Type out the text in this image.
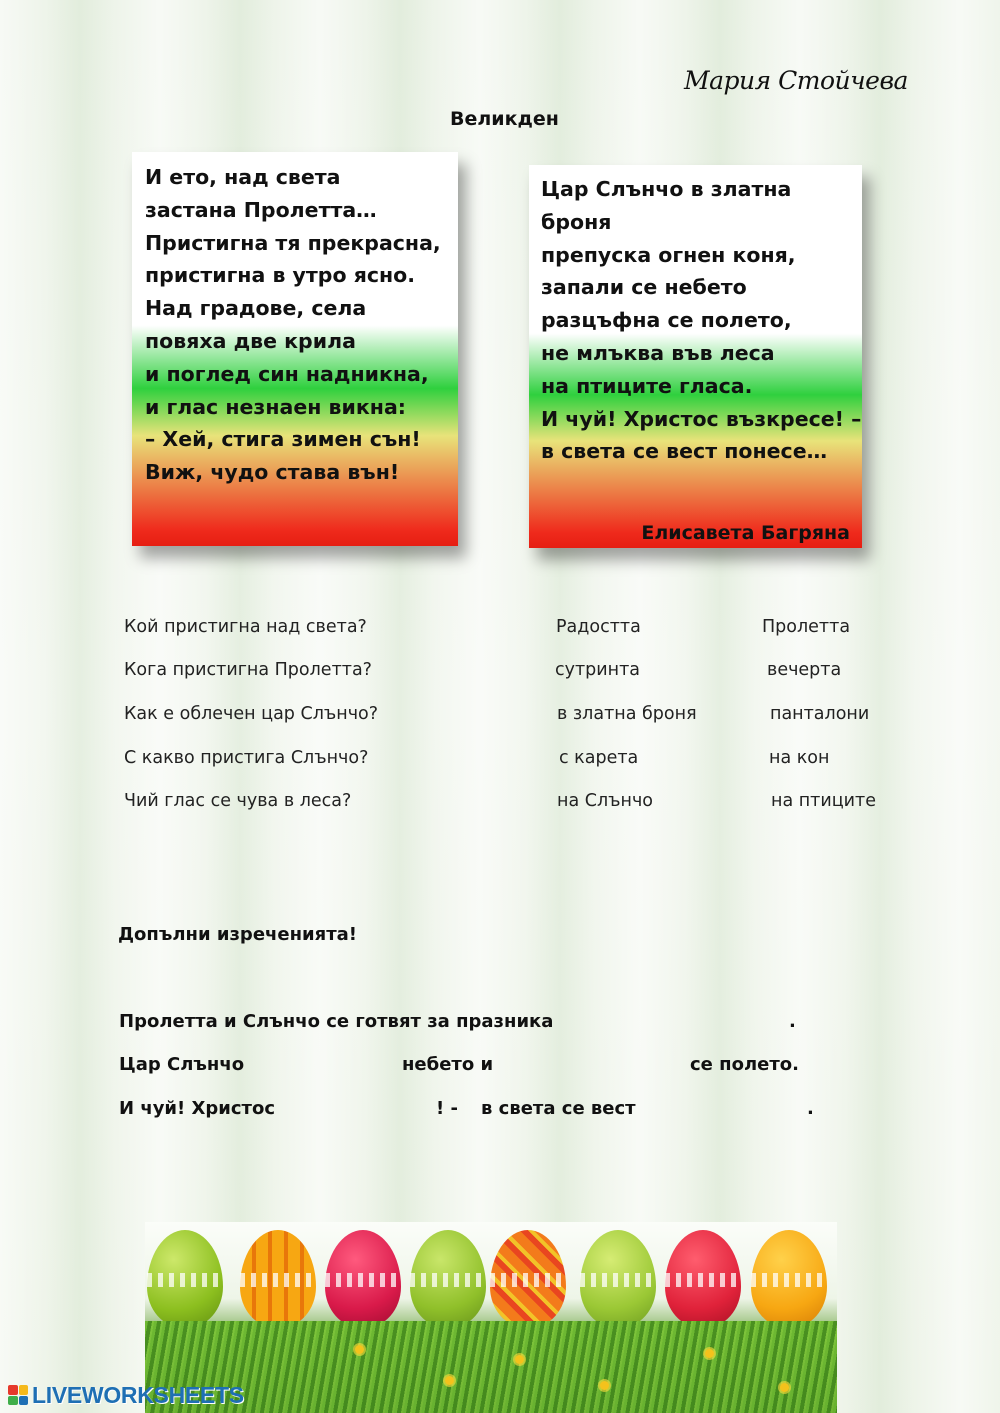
Мария Стойчева
Великден
И ето, над света
застана Пролетта…
Пристигна тя прекрасна,
пристигна в утро ясно.
Над градове, села
повяха две крила
и поглед син надникна,
и глас незнаен викна:
– Хей, стига зимен сън!
Виж, чудо става вън!
Цар Слънчо в златна
броня
препуска огнен коня,
запали се небето
разцъфна се полето,
не млъква във леса
на птиците гласа.
И чуй! Христос възкресе! –
в света се вест понесе…
Елисавета Багряна
Кой пристигна над света?	Радостта	Пролетта
Кога пристигна Пролетта?	сутринта	вечерта
Как е облечен цар Слънчо?	в златна броня	панталони
С какво пристига Слънчо?	с карета	на кон
Чий глас се чува в леса?	на Слънчо	на птиците
Допълни изреченията!
Пролетта и Слънчо се готвят за празника	.
Цар Слънчо	небето и	се полето.
И чуй! Христос	! - в света се вест	.
LIVEWORKSHEETS
